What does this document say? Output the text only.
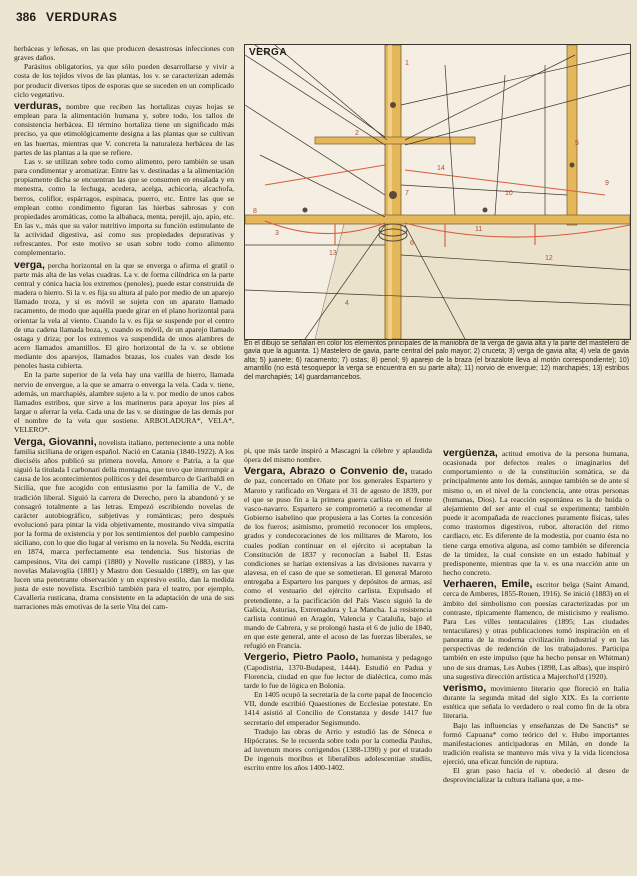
386 VERDURAS

herbáceas y leñosas, en las que producen desastrosas infecciones con graves daños.

Parásitos obligatorios, ya que sólo pueden desarrollarse y vivir a costa de los tejidos vivos de las plantas, los v. se caracterizan además por producir diversos tipos de esporas que se suceden en un complicado ciclo vegetativo.

verduras, nombre que reciben las hortalizas cuyas hojas se emplean para la alimentación humana y, sobre todo, los tallos de consistencia herbácea. El término hortaliza tiene un significado más preciso, ya que etimológicamente designa a las plantas que se cultivan en las huertas, mientras que V. concreta la naturaleza herbácea de las partes de las plantas a la que se refiere.

Las v. se utilizan sobre todo como alimento, pero también se usan para condimentar y aromatizar. Entre las v. destinadas a la alimentación propiamente dicha se encuentran las que se consumen en ensalada y en menestra, como la lechuga, acedera, acelga, achicoria, alcachofa, berros, coliflor, espárragos, espinaca, puerro, etc. Entre las que se emplean como condimento figuran las hierbas sabrosas y con propiedades aromáticas, como la albahaca, menta, perejil, ajo, apio, etc. En las v., más que su valor nutritivo importa su función estimulante de la actividad digestiva, así como sus propiedades depurativas y refrescantes. Por este motivo se usan sobre todo como alimento complementario.

verga, percha horizontal en la que se enverga o afirma el gratil o parte más alta de las velas cuadras. La v. de forma cilíndrica en la parte central y cónica hacia los extremos (penoles), puede estar construida de madera o hierro. Si la v. es fija su altura al palo por medio de un aparejo llamado troza, y si es móvil se sujeta con un aparato llamado racamento, de modo que aquélla puede girar en el plano horizontal para orientar la vela al viento. Cuando la v. es fija se suspende por el centro de una cadena llamada boza, y, cuando es móvil, de un aparejo llamado ostaga y driza; por los extremos va suspendida de unos alambres de acero llamados amantillos. El giro horizontal de la v. se obtiene mediante dos aparejos, llamados brazas, los cuales van desde los penoles hasta cubierta.

En la parte superior de la vela hay una varilla de hierro, llamada nervio de envergue, a la que se amarra o enverga la vela. Cada v. tiene, además, un marchapiés, alambre sujeto a la v. por medio de unos cabos llamados estribos, que sirve a los marineros para apoyar los pies al largar o aferrar la vela. Cada una de las v. se distingue de las demás por el nombre de la vela que sostiene. ARBOLADURA*, VELA*, VELERO*.

Verga, Giovanni, novelista italiano, perteneciente a una noble familia siciliana de origen español. Nació en Catania (1840-1922). A los dieciséis años publicó su primera novela, Amore e Patria, a la que siguió la titulada I carbonari della montagna, que tuvo que interrumpir a causa de los acontecimientos políticos y del desembarco de Garibaldi en Sicilia, que fue acogido con entusiasmo por la familia de V., de tradición liberal. Siguió la carrera de Derecho, pero la abandonó y se consagró totalmente a las letras. Empezó escribiendo novelas de carácter autobiográfico, subjetivas y románticas; pero después evolucionó para pintar la vida objetivamente, mostrando viva simpatía por la forma de existencia y por los sentimientos del pueblo campesino siciliano, con lo que dio lugar al verismo en la novela. Su Nedda, escrita en 1874, marca perfectamente esa tendencia. Sus historias de campesinos, Vita dei campi (1880) y Novelle rusticane (1883), y las novelas Malavoglia (1881) y Mastro don Gesualdo (1889), en las que lucen una penetrante observación y un expresivo estilo, dan la medida justa de este novelista. Escribió también para el teatro, por ejemplo, Cavalleria rusticana, drama consistente en la adaptación de una de sus narraciones más emotivas de la serie Vita dei cam-

1
2
3
4
5
6
7
8
9
10
11
12
13
14
VERGA
En el dibujo se señalan en color los elementos principales de la maniobra de la verga de gavia alta y la parte del mastelero de gavia que la aguanta. 1) Mastelero de gavia, parte central del palo mayor; 2) cruceta; 3) verga de gavia alta; 4) vela de gavia alta; 5) juanete; 6) racamento; 7) ostas; 8) penol; 9) aparejo de la braza (el brazalote lleva al motón correspondiente); 10) amantillo (no está tesoquepor la verga se encuentra en su parte alta); 11) norvio de envergue; 12) marchapiés; 13) estribos del marchapiés; 14) guardamancebos.

pi, que más tarde inspiró a Mascagni la célebre y aplaudida ópera del mismo nombre.

Vergara, Abrazo o Convenio de, tratado de paz, concertado en Oñate por los generales Espartero y Maroto y ratificado en Vergara el 31 de agosto de 1839, por el que se puso fin a la primera guerra carlista en el frente vasco-navarro. Espartero se comprometió a recomendar al Gobierno isabelino que propusiera a las Cortes la concesión de los fueros; asimismo, prometió reconocer los empleos, grados y condecoraciones de los militares de Maroto, los cuales podían continuar en el ejército si aceptaban la Constitución de 1837 y reconocían a Isabel II. Estas condiciones se harían extensivas a las divisiones navarra y alavesa, en el caso de que se sometieran. El general Maroto entregaba a Espartero los parques y depósitos de armas, así como el vestuario del ejército carlista. Expulsado el pretendiente, a la pacificación del País Vasco siguió la de Galicia, Asturias, Extremadura y La Mancha. La resistencia carlista continuó en Aragón, Valencia y Cataluña, bajo el mando de Cabrera, y se prolongó hasta el 6 de julio de 1840, en que este general, ante el acoso de las fuerzas liberales, se refugió en Francia.

Vergerio, Pietro Paolo, humanista y pedagogo (Capodistria, 1370-Budapest, 1444). Estudió en Padua y Florencia, ciudad en que fue lector de dialéctica, como más tarde lo fue de lógica en Bolonia.

En 1405 ocupó la secretaría de la corte papal de Inocencio VII, donde escribió Quaestiones de Ecclesiae potestate. En 1414 asistió al Concilio de Constanza y desde 1417 fue secretario del emperador Segismundo.

Tradujo las obras de Arrio y estudió las de Séneca e Hipócrates. Se le recuerda sobre todo por la comedia Paulus, ad iuvenum mores corrigendos (1388-1390) y por el tratado De ingenuis moribus et liberalibus adolescentiae studiis, escrito entre los años 1400-1402.

vergüenza, actitud emotiva de la persona humana, ocasionada por defectos reales o imaginarios del comportamiento o de la constitución somática, se da principalmente ante los demás, aunque también se de ante sí mismo o, en el nivel de la conciencia, ante otras personas (humanas, Dios). La reacción espontánea es la de huida o alejamiento del ser ante el cual se experimenta; también puede ir acompañada de reacciones puramente físicas, tales como trastornos digestivos, rubor, alteración del ritmo cardíaco, etc. Es diferente de la modestia, por cuanto ésta no tiene carga emotiva alguna, así como también se diferencia de la timidez, la cual consiste en un estado habitual y predisponente, mientras que la v. es una reacción ante un hecho concreto.

Verhaeren, Emile, escritor belga (Saint Amand, cerca de Amberes, 1855-Rouen, 1916). Se inició (1883) en el ámbito del simbolismo con poesías caracterizadas por un contraste, típicamente flamenco, de misticismo y realismo. Para Les villes tentaculaires (1895; Las ciudades tentaculares) y otras publicaciones tomó inspiración en el panorama de la moderna civilización industrial y en las perspectivas de redención de los trabajadores. Participa también en este impulso (que ha hecho pensar en Whitman) uno de sus dramas, Les Aubes (1898, Las albas), que inspiró una sugestiva dirección artística a Majerchol'd (1920).

verismo, movimiento literario que floreció en Italia durante la segunda mitad del siglo XIX. Es la corriente estética que señala lo verdadero o real como fin de la obra literaria.

Bajo las influencias y enseñanzas de De Sanctis* se formó Capuana* como teórico del v. Hubo importantes manifestaciones anticipadoras en Milán, en donde la tradición realista se mantuvo más viva y la vida licenciosa ejerció, una eficaz función de ruptura.

El gran paso hacia el v. obedeció al deseo de desprovincializar la cultura italiana que, a me-
